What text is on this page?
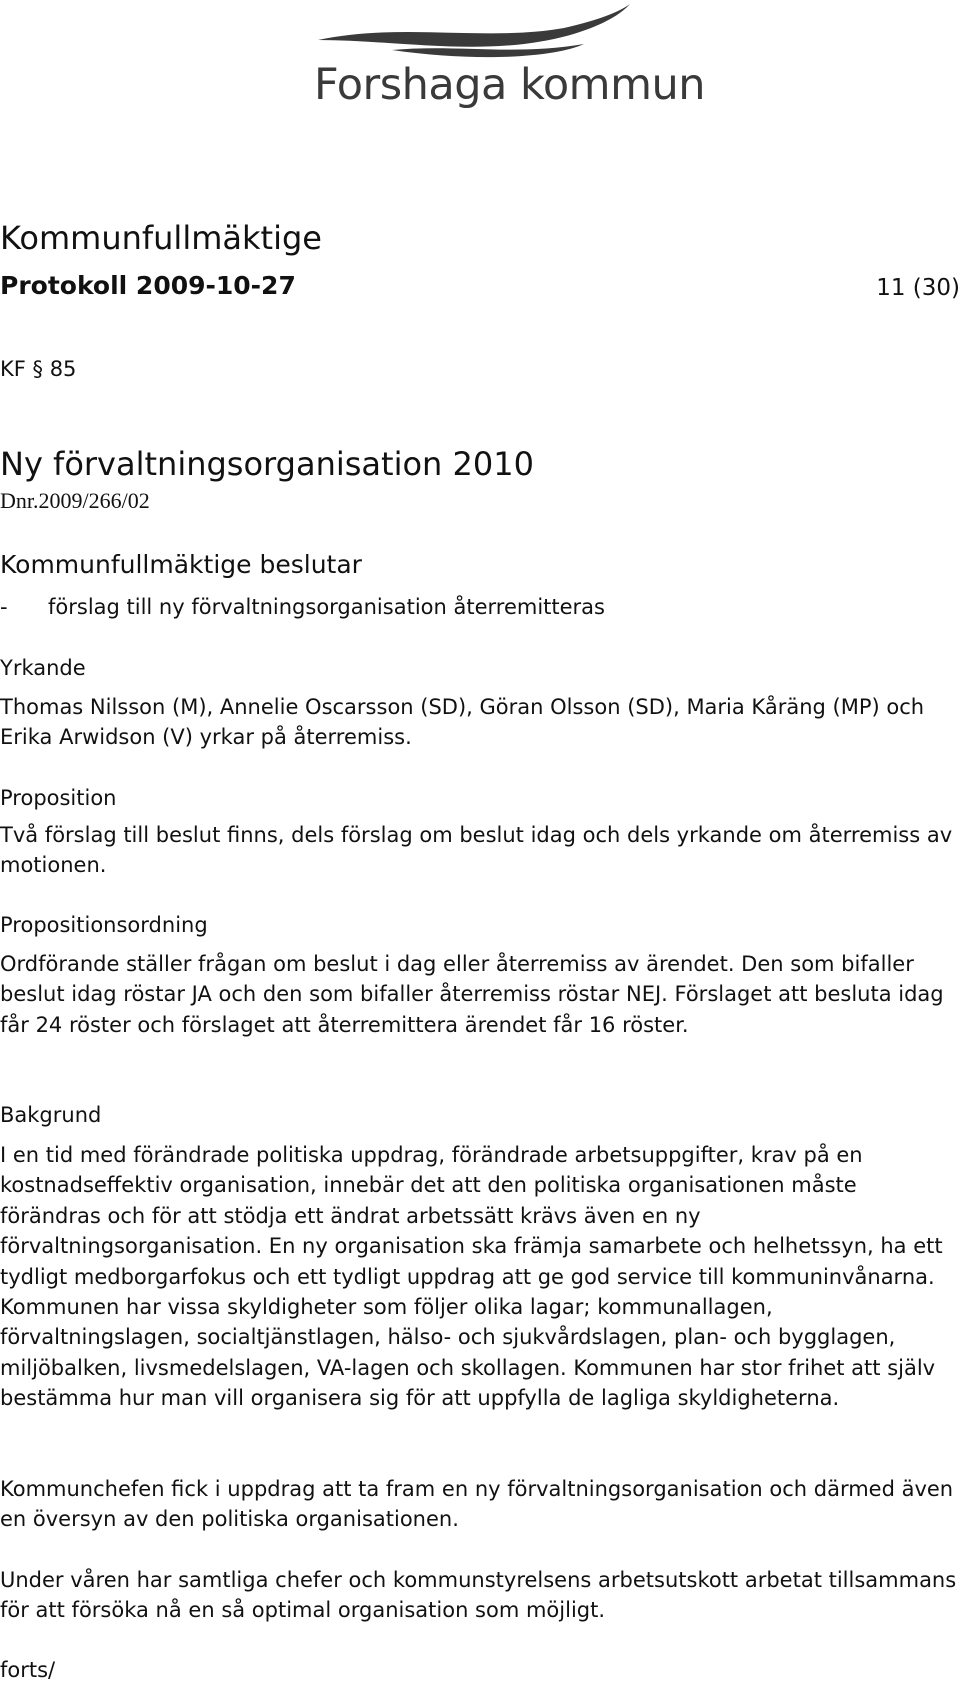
Forshaga kommun
Kommunfullmäktige
Protokoll 2009-10-27	11 (30)
KF § 85
Ny förvaltningsorganisation 2010
Dnr.2009/266/02
Kommunfullmäktige beslutar
- förslag till ny förvaltningsorganisation återremitteras
Yrkande

Thomas Nilsson (M), Annelie Oscarsson (SD), Göran Olsson (SD), Maria Kåräng (MP) och Erika Arwidson (V) yrkar på återremiss.

Proposition

Två förslag till beslut finns, dels förslag om beslut idag och dels yrkande om återremiss av motionen.

Propositionsordning

Ordförande ställer frågan om beslut i dag eller återremiss av ärendet. Den som bifaller beslut idag röstar JA och den som bifaller återremiss röstar NEJ. Förslaget att besluta idag får 24 röster och förslaget att återremittera ärendet får 16 röster.

Bakgrund

I en tid med förändrade politiska uppdrag, förändrade arbetsuppgifter, krav på en kostnadseffektiv organisation, innebär det att den politiska organisationen måste förändras och för att stödja ett ändrat arbetssätt krävs även en ny förvaltningsorganisation. En ny organisation ska främja samarbete och helhetssyn, ha ett tydligt medborgarfokus och ett tydligt uppdrag att ge god service till kommuninvånarna. Kommunen har vissa skyldigheter som följer olika lagar; kommunallagen, förvaltningslagen, socialtjänstlagen, hälso- och sjukvårdslagen, plan- och bygglagen, miljöbalken, livsmedelslagen, VA-lagen och skollagen. Kommunen har stor frihet att själv bestämma hur man vill organisera sig för att uppfylla de lagliga skyldigheterna.

Kommunchefen fick i uppdrag att ta fram en ny förvaltningsorganisation och därmed även en översyn av den politiska organisationen.

Under våren har samtliga chefer och kommunstyrelsens arbetsutskott arbetat tillsammans för att försöka nå en så optimal organisation som möjligt.

forts/
